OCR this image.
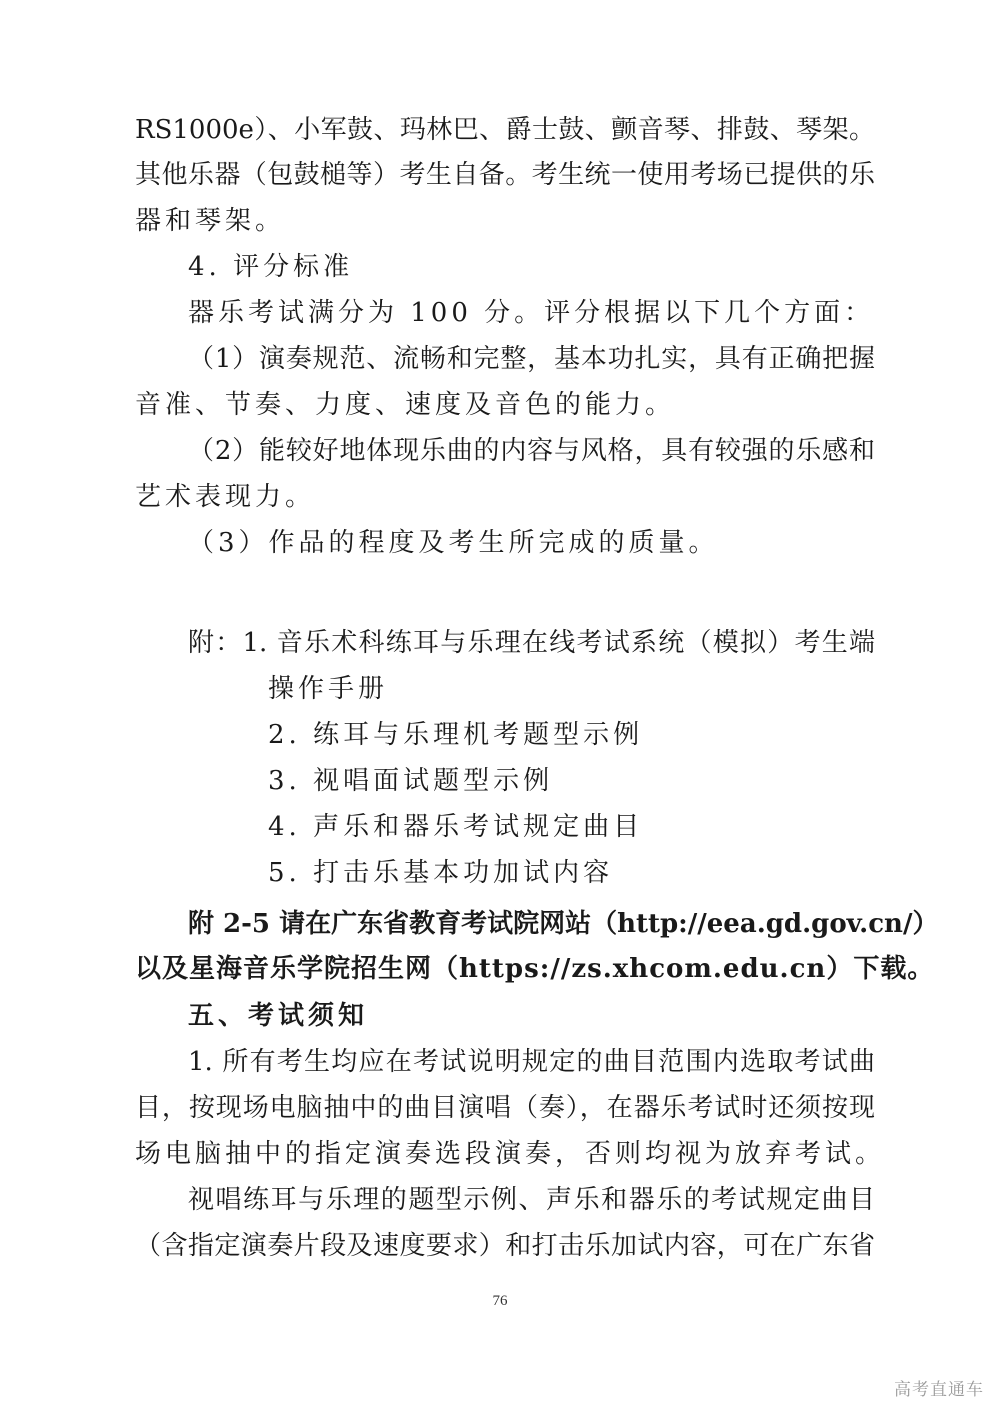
RS1000e）、小军鼓、玛林巴、爵士鼓、颤音琴、排鼓、琴架。
其他乐器（包鼓槌等）考生自备。考生统一使用考场已提供的乐
器和琴架。
4. 评分标准
器乐考试满分为 100 分。评分根据以下几个方面：
（1）演奏规范、流畅和完整，基本功扎实，具有正确把握
音准、节奏、力度、速度及音色的能力。
（2）能较好地体现乐曲的内容与风格，具有较强的乐感和
艺术表现力。
（3）作品的程度及考生所完成的质量。
附：1. 音乐术科练耳与乐理在线考试系统（模拟）考生端
操作手册
2. 练耳与乐理机考题型示例
3. 视唱面试题型示例
4. 声乐和器乐考试规定曲目
5. 打击乐基本功加试内容
附 2-5 请在广东省教育考试院网站（http://eea.gd.gov.cn/）
以及星海音乐学院招生网（https://zs.xhcom.edu.cn）下载。
五、考试须知
1. 所有考生均应在考试说明规定的曲目范围内选取考试曲
目，按现场电脑抽中的曲目演唱（奏），在器乐考试时还须按现
场电脑抽中的指定演奏选段演奏，否则均视为放弃考试。
视唱练耳与乐理的题型示例、声乐和器乐的考试规定曲目
（含指定演奏片段及速度要求）和打击乐加试内容，可在广东省
76
高考直通车
